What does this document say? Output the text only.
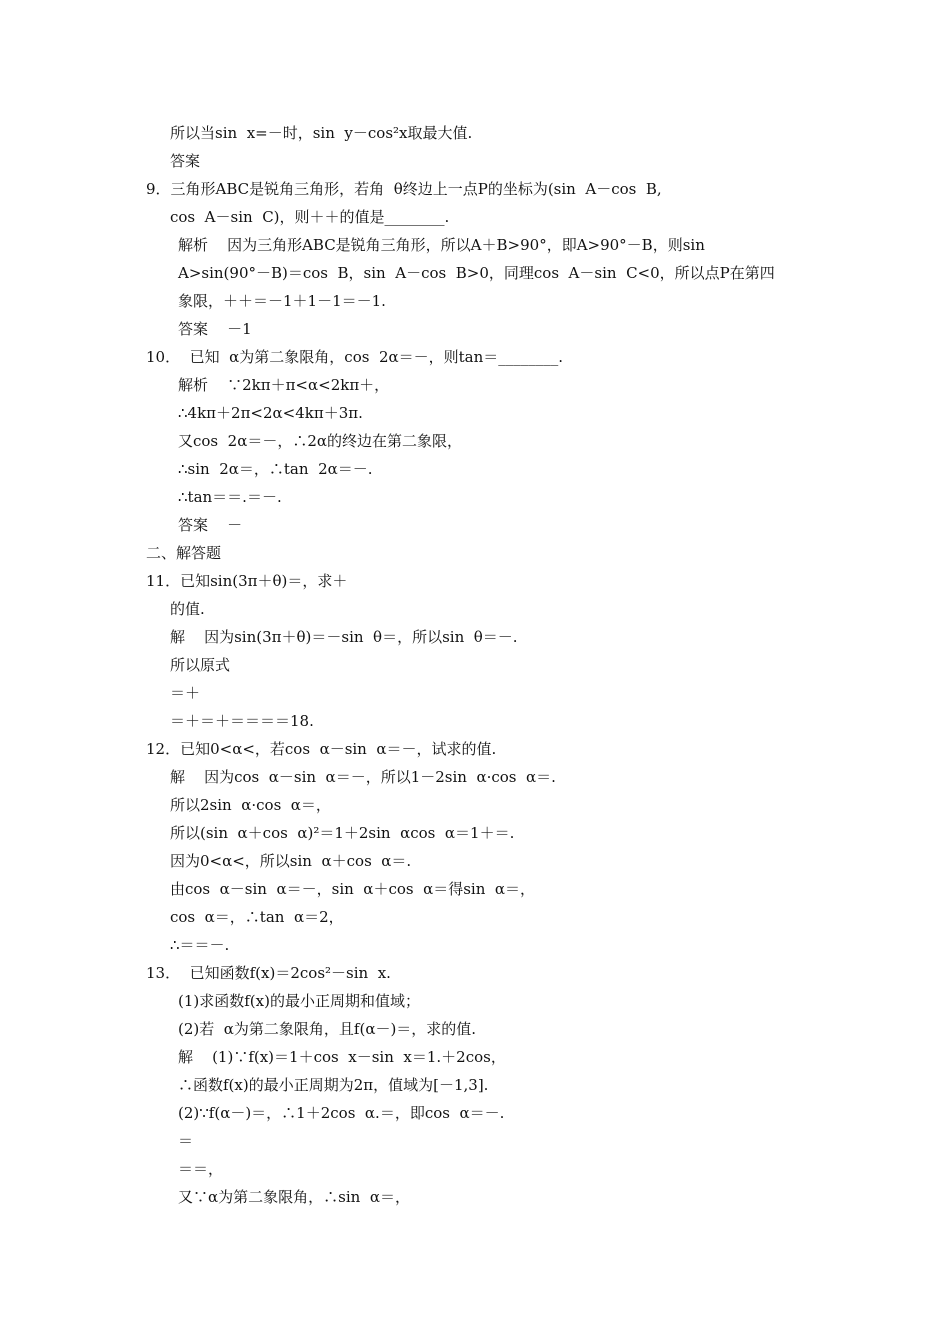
所以当sin  x=－时，sin  y－cos²x取最大值.
答案
9．三角形ABC是锐角三角形，若角  θ终边上一点P的坐标为(sin  A－cos  B,
cos  A－sin  C)，则＋＋的值是________.
解析    因为三角形ABC是锐角三角形，所以A＋B>90°，即A>90°－B，则sin
A>sin(90°－B)＝cos  B，sin  A－cos  B>0，同理cos  A－sin  C<0，所以点P在第四
象限，＋＋＝－1＋1－1＝－1.
答案    －1
10．  已知  α为第二象限角，cos  2α＝－，则tan＝________.
解析    ∵2kπ＋π<α<2kπ＋，
∴4kπ＋2π<2α<4kπ＋3π.
又cos  2α＝－，∴2α的终边在第二象限，
∴sin  2α＝，∴tan  2α＝－.
∴tan＝＝.＝－.
答案    －
二、解答题
11．已知sin(3π＋θ)＝，求＋
的值.
解    因为sin(3π＋θ)＝－sin  θ＝，所以sin  θ＝－.
所以原式
＝＋
＝＋＝＋＝＝＝＝18.
12．已知0<α<，若cos  α－sin  α＝－，试求的值.
解    因为cos  α－sin  α＝－，所以1－2sin  α·cos  α＝.
所以2sin  α·cos  α＝，
所以(sin  α＋cos  α)²＝1＋2sin  αcos  α＝1＋＝.
因为0<α<，所以sin  α＋cos  α＝.
由cos  α－sin  α＝－，sin  α＋cos  α＝得sin  α＝，
cos  α＝，∴tan  α＝2，
∴＝＝－.
13．  已知函数f(x)＝2cos²－sin  x.
(1)求函数f(x)的最小正周期和值域；
(2)若  α为第二象限角，且f(α－)＝，求的值.
解    (1)∵f(x)＝1＋cos  x－sin  x＝1.＋2cos，
∴函数f(x)的最小正周期为2π，值域为[－1,3].
(2)∵f(α－)＝，∴1＋2cos  α.＝，即cos  α＝－.
＝
＝＝，
又∵α为第二象限角，∴sin  α＝，
